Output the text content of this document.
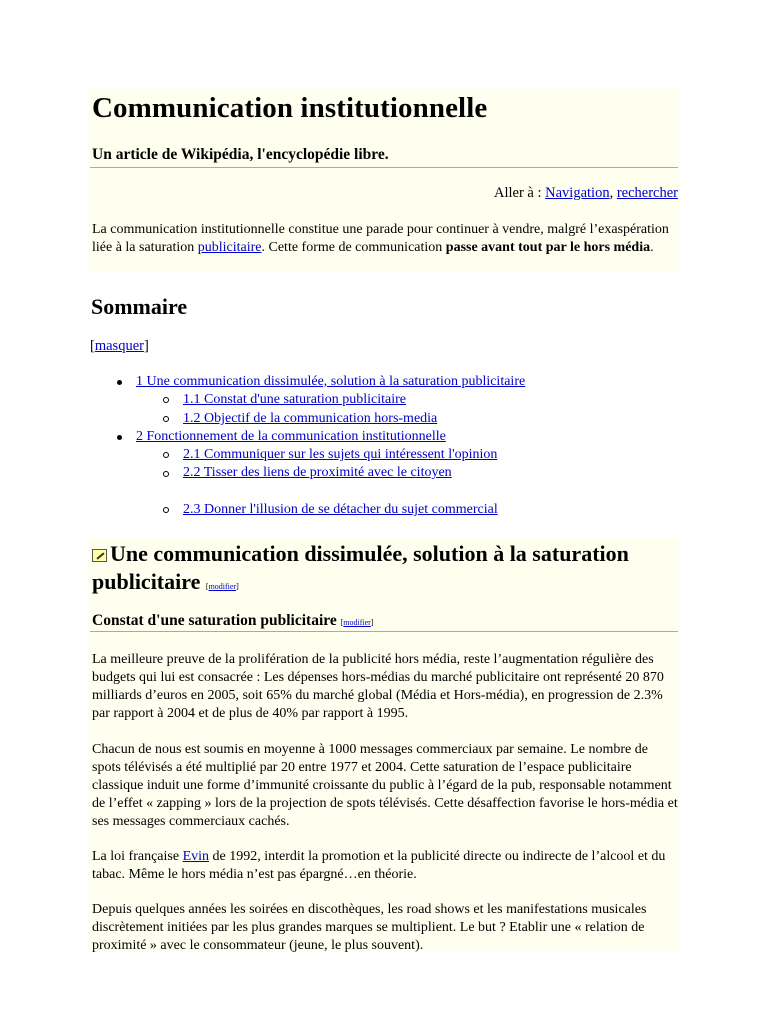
Communication institutionnelle
Un article de Wikipédia, l'encyclopédie libre.
Aller à : Navigation, rechercher
La communication institutionnelle constitue une parade pour continuer à vendre, malgré l’exaspération liée à la saturation publicitaire. Cette forme de communication passe avant tout par le hors média.
Sommaire
[masquer]
1 Une communication dissimulée, solution à la saturation publicitaire
1.1 Constat d'une saturation publicitaire
1.2 Objectif de la communication hors-media
2 Fonctionnement de la communication institutionnelle
2.1 Communiquer sur les sujets qui intéressent l'opinion
2.2 Tisser des liens de proximité avec le citoyen
2.3 Donner l'illusion de se détacher du sujet commercial
Une communication dissimulée, solution à la saturation publicitaire [modifier]
Constat d'une saturation publicitaire [modifier]
La meilleure preuve de la prolifération de la publicité hors média, reste l’augmentation régulière des budgets qui lui est consacrée : Les dépenses hors-médias du marché publicitaire ont représenté 20 870 milliards d’euros en 2005, soit 65% du marché global (Média et Hors-média), en progression de 2.3% par rapport à 2004 et de plus de 40% par rapport à 1995.
Chacun de nous est soumis en moyenne à 1000 messages commerciaux par semaine. Le nombre de spots télévisés a été multiplié par 20 entre 1977 et 2004. Cette saturation de l’espace publicitaire classique induit une forme d’immunité croissante du public à l’égard de la pub, responsable notamment de l’effet « zapping » lors de la projection de spots télévisés. Cette désaffection favorise le hors-média et ses messages commerciaux cachés.
La loi française Evin de 1992, interdit la promotion et la publicité directe ou indirecte de l’alcool et du tabac. Même le hors média n’est pas épargné…en théorie.
Depuis quelques années les soirées en discothèques, les road shows et les manifestations musicales discrètement initiées par les plus grandes marques se multiplient. Le but ? Etablir une « relation de proximité » avec le consommateur (jeune, le plus souvent).
